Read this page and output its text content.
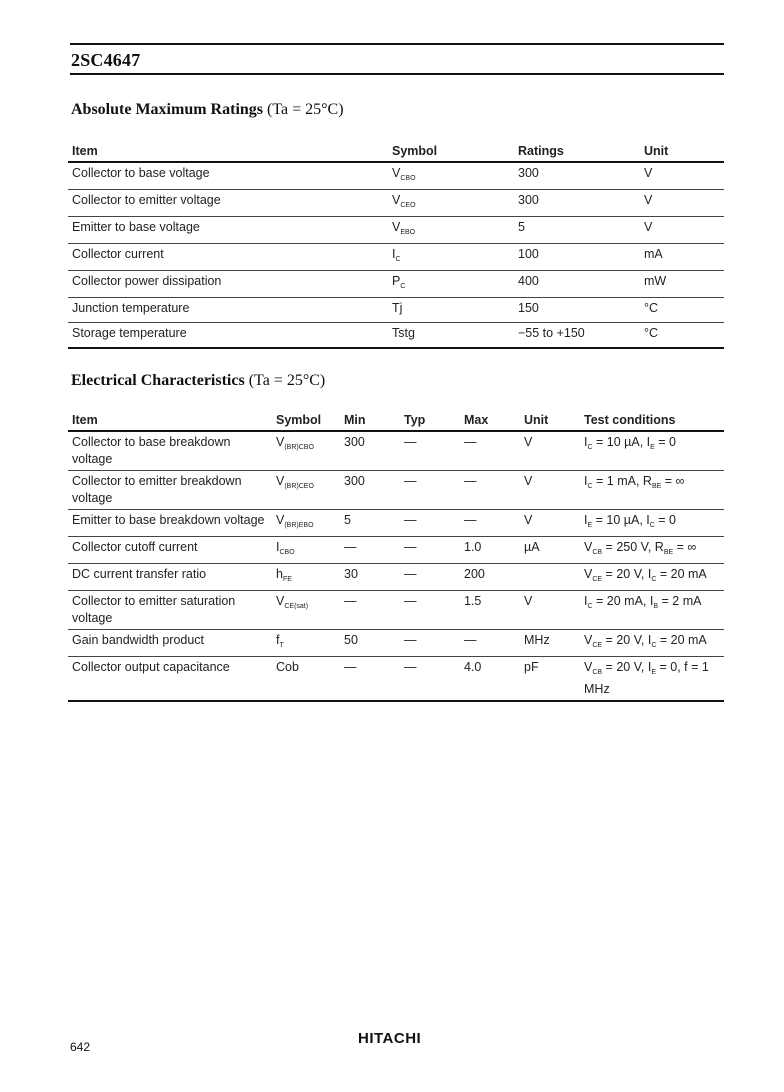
2SC4647
Absolute Maximum Ratings (Ta = 25°C)
Item	Symbol	Ratings	Unit
Collector to base voltage	$V_{CBO}$	300	V
Collector to emitter voltage	$V_{CEO}$	300	V
Emitter to base voltage	$V_{EBO}$	5	V
Collector current	$I_C$	100	mA
Collector power dissipation	$P_C$	400	mW
Junction temperature	Tj	150	°C
Storage temperature	Tstg	−55 to +150	°C
Electrical Characteristics (Ta = 25°C)
Item	Symbol	Min	Typ	Max	Unit	Test conditions
Collector to base breakdown voltage	$V_{(BR)CBO}$	300	—	—	V	$I_C = 10$ µA, $I_E = 0$
Collector to emitter breakdown voltage	$V_{(BR)CEO}$	300	—	—	V	$I_C = 1$ mA, $R_{BE}$ = ∞
Emitter to base breakdown voltage	$V_{(BR)EBO}$	5	—	—	V	$I_E = 10$ µA, $I_C = 0$
Collector cutoff current	$I_{CBO}$	—	—	1.0	µA	$V_{CB} = 250$ V, $R_{BE}$ = ∞
DC current transfer ratio	$h_{FE}$	30	—	200		$V_{CE} = 20$ V, $I_C = 20$ mA
Collector to emitter saturation voltage	$V_{CE(sat)}$	—	—	1.5	V	$I_C = 20$ mA, $I_B = 2$ mA
Gain bandwidth product	$f_T$	50	—	—	MHz	$V_{CE} = 20$ V, $I_C = 20$ mA
Collector output capacitance	Cob	—	—	4.0	pF	$V_{CB} = 20$ V, $I_E = 0$, f = 1 MHz
642	HITACHI
